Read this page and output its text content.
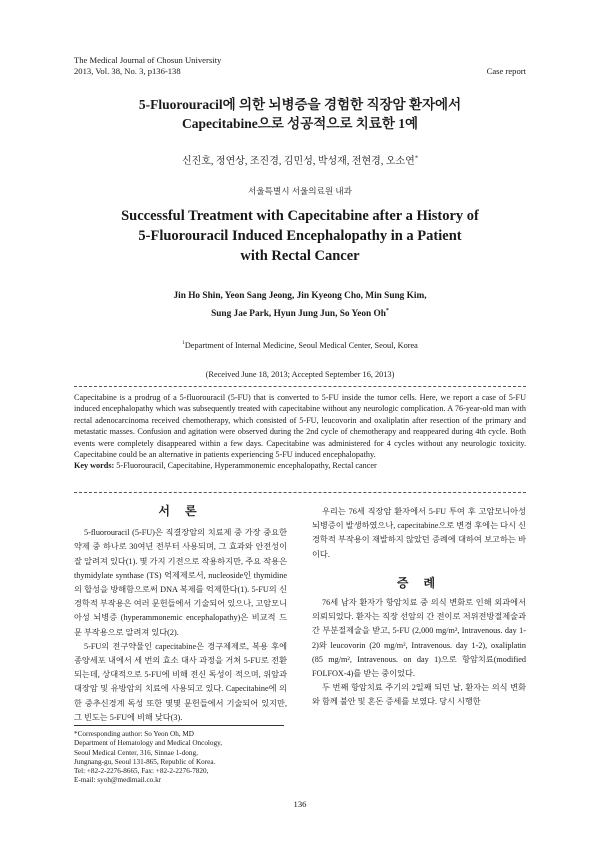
The Medical Journal of Chosun University
2013, Vol. 38, No. 3, p136-138	Case report
5-Fluorouracil에 의한 뇌병증을 경험한 직장암 환자에서
Capecitabine으로 성공적으로 치료한 1예
신진호, 정연상, 조진경, 김민성, 박성재, 전현경, 오소연*
서울특별시 서울의료원 내과
Successful Treatment with Capecitabine after a History of
5-Fluorouracil Induced Encephalopathy in a Patient
with Rectal Cancer
Jin Ho Shin, Yeon Sang Jeong, Jin Kyeong Cho, Min Sung Kim,
Sung Jae Park, Hyun Jung Jun, So Yeon Oh*
$^1$Department of Internal Medicine, Seoul Medical Center, Seoul, Korea
(Received June 18, 2013; Accepted September 16, 2013)

Capecitabine is a prodrug of a 5-fluorouracil (5-FU) that is converted to 5-FU inside the tumor cells. Here, we report a case of 5-FU induced encephalopathy which was subsequently treated with capecitabine without any neurologic complication. A 76-year-old man with rectal adenocarcinoma received chemotherapy, which consisted of 5-FU, leucovorin and oxaliplatin after resection of the primary and metastatic masses. Confusion and agitation were observed during the 2nd cycle of chemotherapy and reappeared during 4th cycle. Both events were completely disappeared within a few days. Capecitabine was administered for 4 cycles without any neurologic toxicity. Capecitabine could be an alternative in patients experiencing 5-FU induced encephalopathy.

Key words: 5-Fluorouracil, Capecitabine, Hyperammonemic encephalopathy, Rectal cancer

서 론

5-fluorouracil (5-FU)은 직결장암의 치료제 중 가장 중요한 약제 중 하나로 30여년 전부터 사용되며, 그 효과와 안전성이 잘 알려져 있다(1). 몇 가지 기전으로 작용하지만, 주요 작용은 thymidylate synthase (TS) 억제제로서, nucleoside인 thymidine의 합성을 방해함으로써 DNA 복제를 억제한다(1). 5-FU의 신경학적 부작용은 여러 문헌들에서 기술되어 있으나, 고암모니아성 뇌병증 (hyperammonemic encephalopathy)은 비교적 드문 부작용으로 알려져 있다(2).

5-FU의 전구약물인 capecitabine은 경구제제로, 복용 후에 종양세포 내에서 세 번의 효소 대사 과정을 거쳐 5-FU로 전환되는데, 상대적으로 5-FU에 비해 전신 독성이 적으며, 위암과 대장암 및 유방암의 치료에 사용되고 있다. Capecitabine에 의한 중추신경계 독성 또한 몇몇 문헌들에서 기술되어 있지만, 그 빈도는 5-FU에 비해 낮다(3).

*Corresponding author: So Yeon Oh, MD
Department of Hematology and Medical Oncology,
Seoul Medical Center, 316, Sinnae 1-dong,
Jungnang-gu, Seoul 131-865, Republic of Korea.
Tel: +82-2-2276-8665, Fax: +82-2-2276-7820,
E-mail: syoh@medimail.co.kr

우리는 76세 직장암 환자에서 5-FU 투여 후 고암모니아성 뇌병증이 발생하였으나, capecitabine으로 변경 후에는 다시 신경학적 부작용이 재발하지 않았던 증례에 대하여 보고하는 바이다.

증 례

76세 남자 환자가 항암치료 중 의식 변화로 인해 외과에서 의뢰되었다. 환자는 직장 선암의 간 전이로 저위전방절제술과 간 부분절제술을 받고, 5-FU (2,000 mg/m², Intravenous. day 1-2)와 leucovorin (20 mg/m², Intravenous. day 1-2), oxaliplatin (85 mg/m², Intravenous. on day 1)으로 항암치료(modified FOLFOX-4)를 받는 중이었다.

두 번째 항암치료 주기의 2일째 되던 날, 환자는 의식 변화와 함께 불안 및 혼돈 증세를 보였다. 당시 시행한

136
